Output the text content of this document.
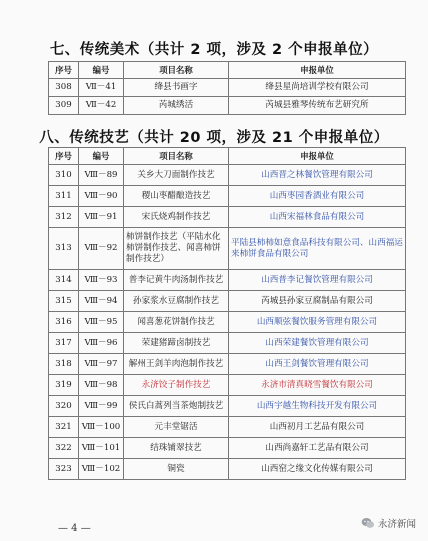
七、传统美术（共计 2 项，涉及 2 个申报单位）
序号	编号	项目名称	申报单位
308	Ⅶ－41	绛县书画字	绛县星尚培训学校有限公司
309	Ⅶ－42	芮城绣活	芮城县雅琴传统布艺研究所
八、传统技艺（共计 20 项，涉及 21 个申报单位）
序号	编号	项目名称	申报单位
310	Ⅷ－89	关乡大刀面制作技艺	山西晋之林餐饮管理有限公司
311	Ⅷ－90	稷山枣醋酿造技艺	山西枣园香酒业有限公司
312	Ⅷ－91	宋氏烧鸡制作技艺	山西宋福林食品有限公司
313	Ⅷ－92	柿饼制作技艺（平陆水化柿饼制作技艺、闻喜柿饼制作技艺）	平陆县柿柿如意食品科技有限公司、山西福运来柿饼食品有限公司
314	Ⅷ－93	普李记黄牛肉汤制作技艺	山西普李记餐饮管理有限公司
315	Ⅷ－94	孙家浆水豆腐制作技艺	芮城县孙家豆腐制品有限公司
316	Ⅷ－95	闻喜葱花饼制作技艺	山西顺弦餐饮服务管理有限公司
317	Ⅷ－96	荣建猪蹄卤制技艺	山西荣建餐饮管理有限公司
318	Ⅷ－97	解州王剑羊肉泡制作技艺	山西王剑餐饮管理有限公司
319	Ⅷ－98	永济饺子制作技艺	永济市清真晓雪餐饮有限公司
320	Ⅷ－99	侯氏白蒿列当茶炮制技艺	山西宇越生物科技开发有限公司
321	Ⅷ－100	元丰堂锯活	山西初月工艺品有限公司
322	Ⅷ－101	结珠铺翠技艺	山西尚嘉轩工艺品有限公司
323	Ⅷ－102	铜瓷	山西窑之缘文化传媒有限公司
— 4 —	永济新闻
